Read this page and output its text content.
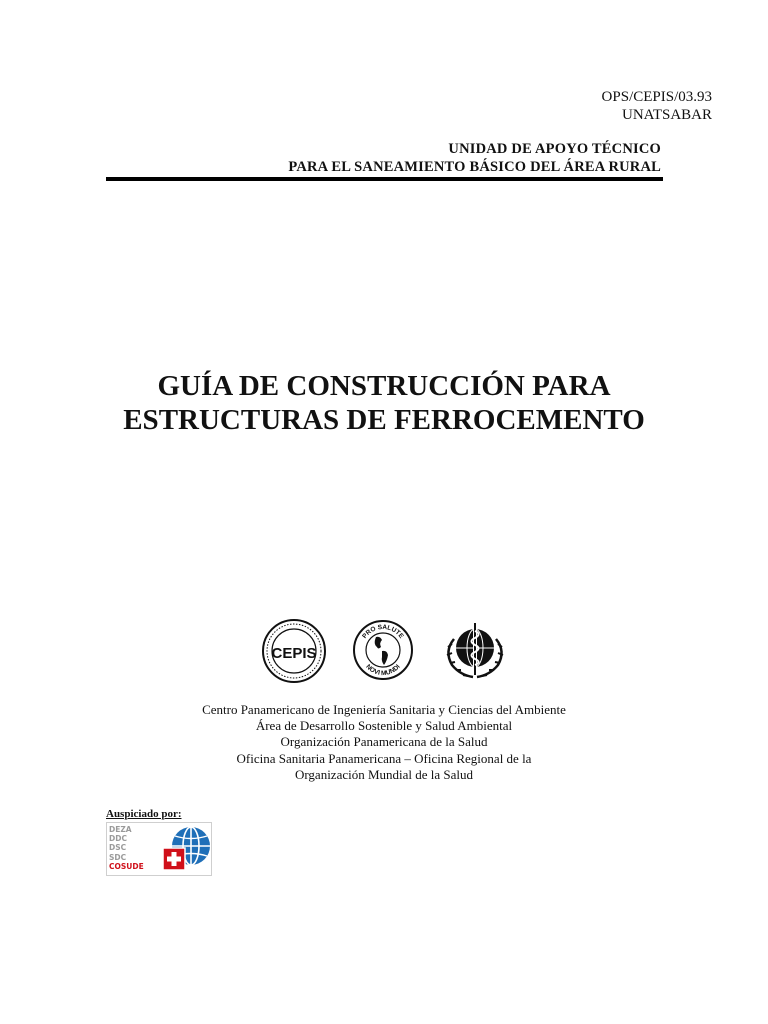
OPS/CEPIS/03.93
UNATSABAR
UNIDAD DE APOYO TÉCNICO
PARA EL SANEAMIENTO BÁSICO DEL ÁREA RURAL
GUÍA DE CONSTRUCCIÓN PARA
ESTRUCTURAS DE FERROCEMENTO
CEPIS
PRO SALUTE
NOVI MUNDI
Centro Panamericano de Ingeniería Sanitaria y Ciencias del Ambiente
Área de Desarrollo Sostenible y Salud Ambiental
Organización Panamericana de la Salud
Oficina Sanitaria Panamericana – Oficina Regional de la
Organización Mundial de la Salud
Auspiciado por:
DEZA
DDC
DSC
SDC
COSUDE
